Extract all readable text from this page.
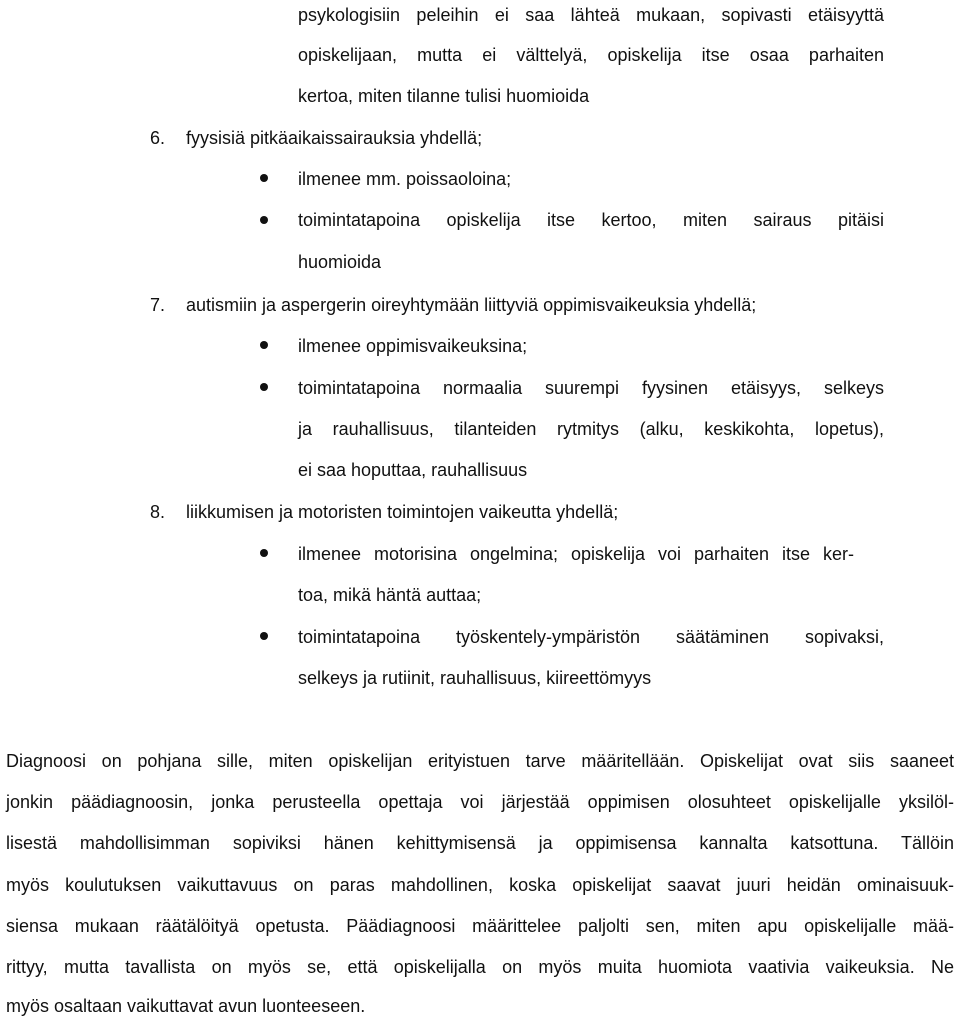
psykologisiin peleihin ei saa lähteä mukaan, sopivasti etäisyyttä
opiskelijaan, mutta ei välttelyä, opiskelija itse osaa parhaiten
kertoa, miten tilanne tulisi huomioida
6. fyysisiä pitkäaikaissairauksia yhdellä;
ilmenee mm. poissaoloina;
toimintatapoina opiskelija itse kertoo, miten sairaus pitäisi
huomioida
7. autismiin ja aspergerin oireyhtymään liittyviä oppimisvaikeuksia yhdellä;
ilmenee oppimisvaikeuksina;
toimintatapoina normaalia suurempi fyysinen etäisyys, selkeys
ja rauhallisuus, tilanteiden rytmitys (alku, keskikohta, lopetus),
ei saa hoputtaa, rauhallisuus
8. liikkumisen ja motoristen toimintojen vaikeutta yhdellä;
ilmenee motorisina ongelmina; opiskelija voi parhaiten itse ker-
toa, mikä häntä auttaa;
toimintatapoina työskentely-ympäristön säätäminen sopivaksi,
selkeys ja rutiinit, rauhallisuus, kiireettömyys
Diagnoosi on pohjana sille, miten opiskelijan erityistuen tarve määritellään. Opiskelijat ovat siis saaneet
jonkin päädiagnoosin, jonka perusteella opettaja voi järjestää oppimisen olosuhteet opiskelijalle yksilöl-
lisestä mahdollisimman sopiviksi hänen kehittymisensä ja oppimisensa kannalta katsottuna. Tällöin
myös koulutuksen vaikuttavuus on paras mahdollinen, koska opiskelijat saavat juuri heidän ominaisuuk-
siensa mukaan räätälöityä opetusta. Päädiagnoosi määrittelee paljolti sen, miten apu opiskelijalle mää-
rittyy, mutta tavallista on myös se, että opiskelijalla on myös muita huomiota vaativia vaikeuksia. Ne
myös osaltaan vaikuttavat avun luonteeseen.
